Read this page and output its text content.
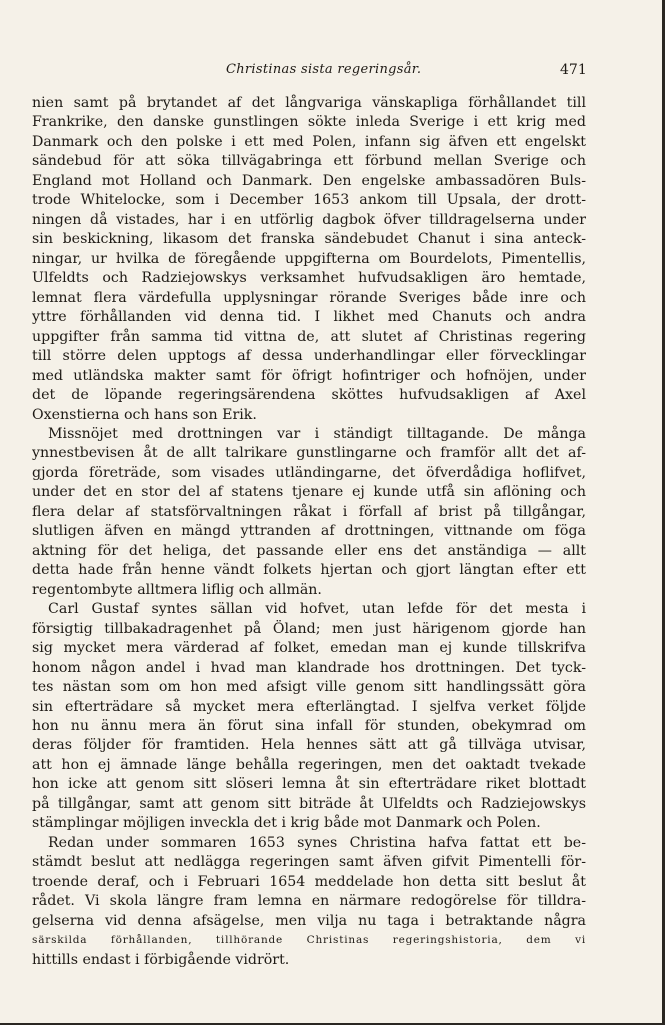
Christinas sista regeringsår.	471
nien samt på brytandet af det långvariga vänskapliga förhållandet till
Frankrike, den danske gunstlingen sökte inleda Sverige i ett krig med
Danmark och den polske i ett med Polen, infann sig äfven ett engelskt
sändebud för att söka tillvägabringa ett förbund mellan Sverige och
England mot Holland och Danmark. Den engelske ambassadören Buls-
trode Whitelocke, som i December 1653 ankom till Upsala, der drott-
ningen då vistades, har i en utförlig dagbok öfver tilldragelserna under
sin beskickning, likasom det franska sändebudet Chanut i sina anteck-
ningar, ur hvilka de föregående uppgifterna om Bourdelots, Pimentellis,
Ulfeldts och Radziejowskys verksamhet hufvudsakligen äro hemtade,
lemnat flera värdefulla upplysningar rörande Sveriges både inre och
yttre förhållanden vid denna tid. I likhet med Chanuts och andra
uppgifter från samma tid vittna de, att slutet af Christinas regering
till större delen upptogs af dessa underhandlingar eller förvecklingar
med utländska makter samt för öfrigt hofintriger och hofnöjen, under
det de löpande regeringsärendena sköttes hufvudsakligen af Axel
Oxenstierna och hans son Erik.
Missnöjet med drottningen var i ständigt tilltagande. De många
ynnestbevisen åt de allt talrikare gunstlingarne och framför allt det af-
gjorda företräde, som visades utländingarne, det öfverdådiga hoflifvet,
under det en stor del af statens tjenare ej kunde utfå sin aflöning och
flera delar af statsförvaltningen råkat i förfall af brist på tillgångar,
slutligen äfven en mängd yttranden af drottningen, vittnande om föga
aktning för det heliga, det passande eller ens det anständiga — allt
detta hade från henne vändt folkets hjertan och gjort längtan efter ett
regentombyte alltmera liflig och allmän.
Carl Gustaf syntes sällan vid hofvet, utan lefde för det mesta i
försigtig tillbakadragenhet på Öland; men just härigenom gjorde han
sig mycket mera värderad af folket, emedan man ej kunde tillskrifva
honom någon andel i hvad man klandrade hos drottningen. Det tyck-
tes nästan som om hon med afsigt ville genom sitt handlingssätt göra
sin efterträdare så mycket mera efterlängtad. I sjelfva verket följde
hon nu ännu mera än förut sina infall för stunden, obekymrad om
deras följder för framtiden. Hela hennes sätt att gå tillväga utvisar,
att hon ej ämnade länge behålla regeringen, men det oaktadt tvekade
hon icke att genom sitt slöseri lemna åt sin efterträdare riket blottadt
på tillgångar, samt att genom sitt biträde åt Ulfeldts och Radziejowskys
stämplingar möjligen inveckla det i krig både mot Danmark och Polen.
Redan under sommaren 1653 synes Christina hafva fattat ett be-
stämdt beslut att nedlägga regeringen samt äfven gifvit Pimentelli för-
troende deraf, och i Februari 1654 meddelade hon detta sitt beslut åt
rådet. Vi skola längre fram lemna en närmare redogörelse för tilldra-
gelserna vid denna afsägelse, men vilja nu taga i betraktande några
särskilda förhållanden, tillhörande Christinas regeringshistoria, dem vi
hittills endast i förbigående vidrört.
